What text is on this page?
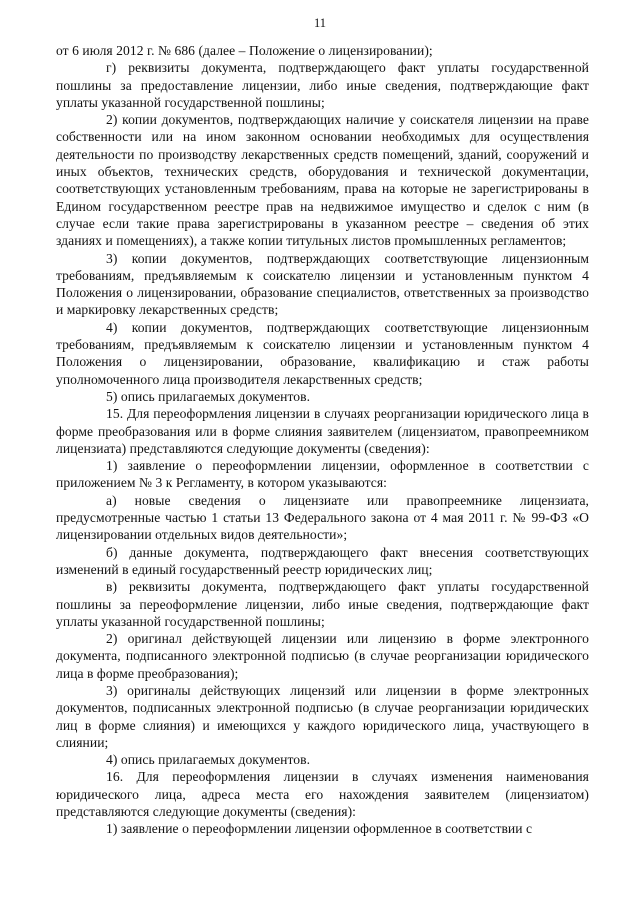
11

от 6 июля 2012 г. № 686 (далее – Положение о лицензировании);

г) реквизиты документа, подтверждающего факт уплаты государственной пошлины за предоставление лицензии, либо иные сведения, подтверждающие факт уплаты указанной государственной пошлины;

2) копии документов, подтверждающих наличие у соискателя лицензии на праве собственности или на ином законном основании необходимых для осуществления деятельности по производству лекарственных средств помещений, зданий, сооружений и иных объектов, технических средств, оборудования и технической документации, соответствующих установленным требованиям, права на которые не зарегистрированы в Едином государственном реестре прав на недвижимое имущество и сделок с ним (в случае если такие права зарегистрированы в указанном реестре – сведения об этих зданиях и помещениях), а также копии титульных листов промышленных регламентов;

3) копии документов, подтверждающих соответствующие лицензионным требованиям, предъявляемым к соискателю лицензии и установленным пунктом 4 Положения о лицензировании, образование специалистов, ответственных за производство и маркировку лекарственных средств;

4) копии документов, подтверждающих соответствующие лицензионным требованиям, предъявляемым к соискателю лицензии и установленным пунктом 4 Положения о лицензировании, образование, квалификацию и стаж работы уполномоченного лица производителя лекарственных средств;

5) опись прилагаемых документов.

15. Для переоформления лицензии в случаях реорганизации юридического лица в форме преобразования или в форме слияния заявителем (лицензиатом, правопреемником лицензиата) представляются следующие документы (сведения):

1) заявление о переоформлении лицензии, оформленное в соответствии с приложением № 3 к Регламенту, в котором указываются:

а) новые сведения о лицензиате или правопреемнике лицензиата, предусмотренные частью 1 статьи 13 Федерального закона от 4 мая 2011 г. № 99-ФЗ «О лицензировании отдельных видов деятельности»;

б) данные документа, подтверждающего факт внесения соответствующих изменений в единый государственный реестр юридических лиц;

в) реквизиты документа, подтверждающего факт уплаты государственной пошлины за переоформление лицензии, либо иные сведения, подтверждающие факт уплаты указанной государственной пошлины;

2) оригинал действующей лицензии или лицензию в форме электронного документа, подписанного электронной подписью (в случае реорганизации юридического лица в форме преобразования);

3) оригиналы действующих лицензий или лицензии в форме электронных документов, подписанных электронной подписью (в случае реорганизации юридических лиц в форме слияния) и имеющихся у каждого юридического лица, участвующего в слиянии;

4) опись прилагаемых документов.

16. Для переоформления лицензии в случаях изменения наименования юридического лица, адреса места его нахождения заявителем (лицензиатом) представляются следующие документы (сведения):

1) заявление о переоформлении лицензии оформленное в соответствии с
